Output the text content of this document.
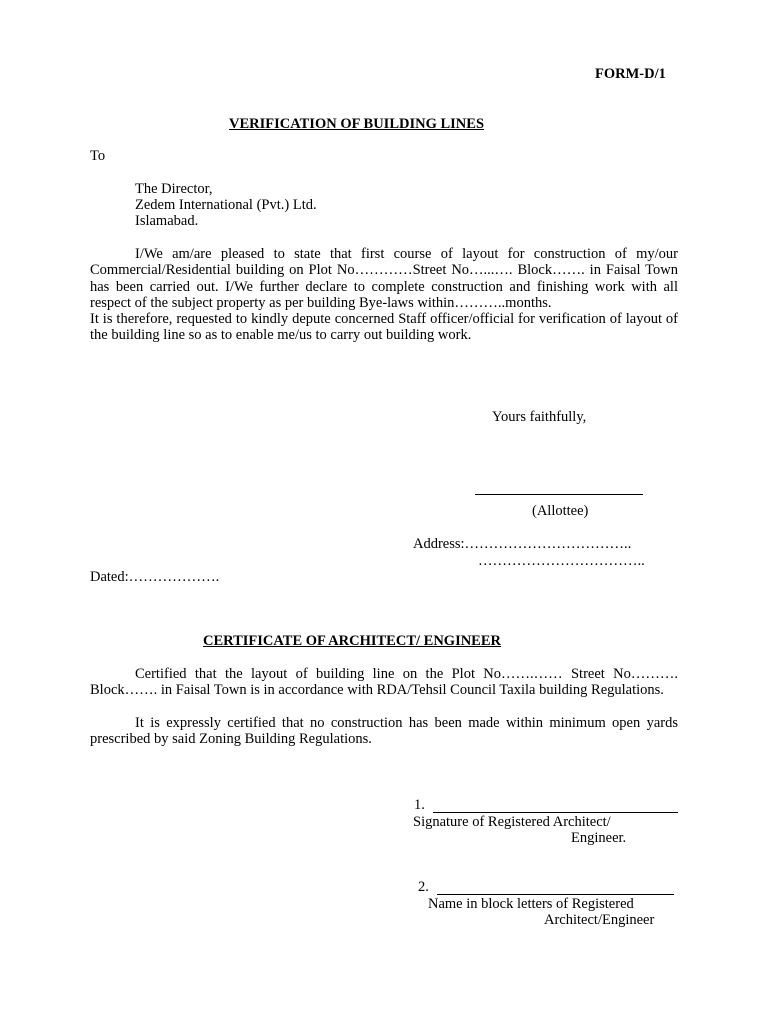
FORM-D/1
VERIFICATION OF BUILDING LINES
To
The Director,
Zedem International (Pvt.) Ltd.
Islamabad.

I/We am/are pleased to state that first course of layout for construction of my/our Commercial/Residential building on Plot No…………Street No…...…. Block……. in Faisal Town has been carried out. I/We further declare to complete construction and finishing work with all respect of the subject property as per building Bye-laws within………..months.

It is therefore, requested to kindly depute concerned Staff officer/official for verification of layout of the building line so as to enable me/us to carry out building work.

Yours faithfully,
(Allottee)
Address:……………………………..
……………………………..
Dated:……………….
CERTIFICATE OF ARCHITECT/ ENGINEER

Certified that the layout of building line on the Plot No…….…… Street No………. Block……. in Faisal Town is in accordance with RDA/Tehsil Council Taxila building Regulations.

It is expressly certified that no construction has been made within minimum open yards prescribed by said Zoning Building Regulations.

1.
Signature of Registered Architect/
Engineer.
2.
Name in block letters of Registered
Architect/Engineer
